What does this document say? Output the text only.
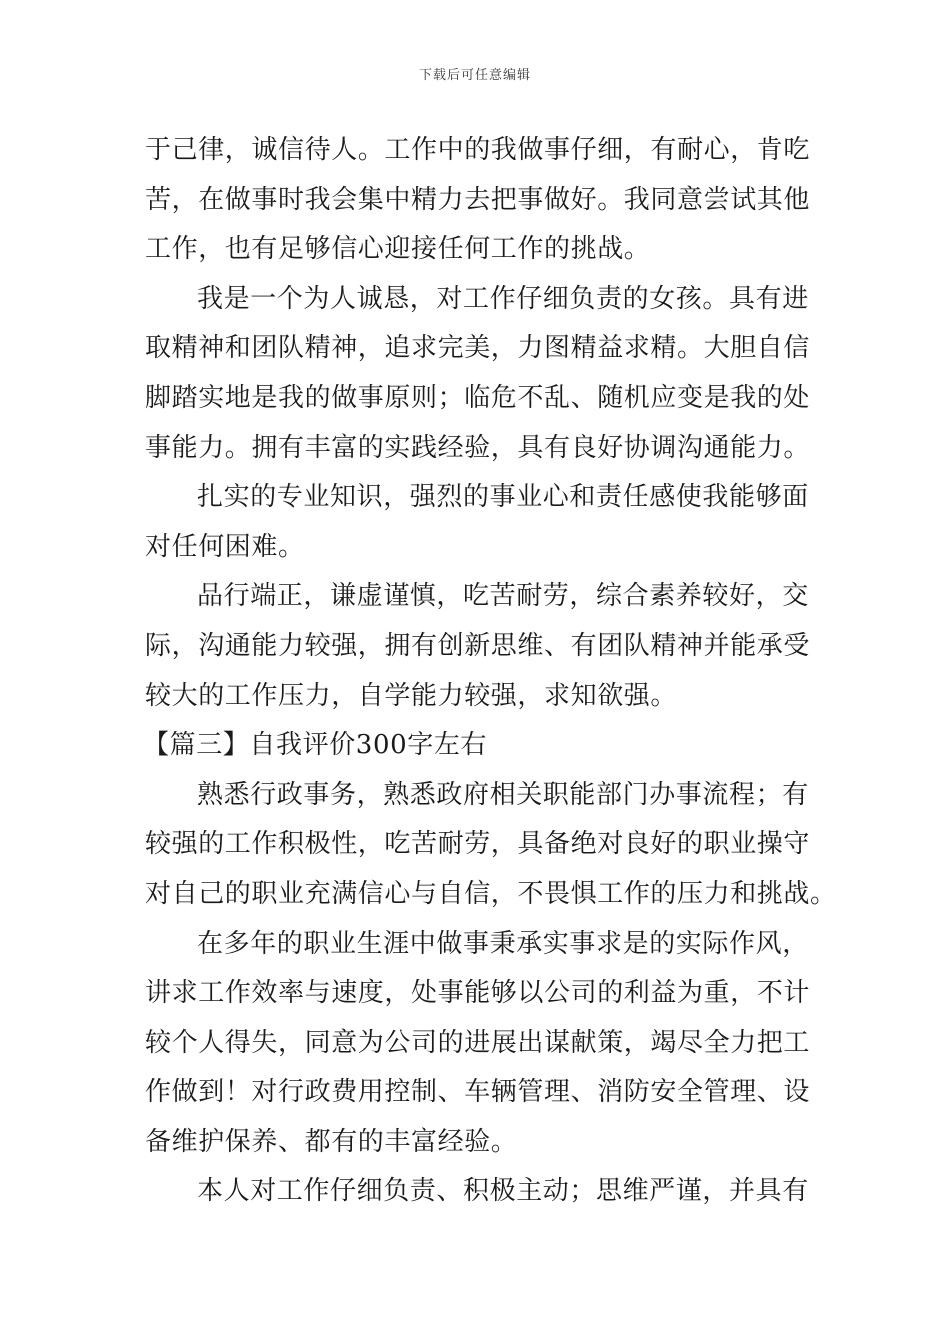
下载后可任意编辑
于己律，诚信待人。工作中的我做事仔细，有耐心，肯吃
苦，在做事时我会集中精力去把事做好。我同意尝试其他
工作，也有足够信心迎接任何工作的挑战。
我是一个为人诚恳，对工作仔细负责的女孩。具有进
取精神和团队精神，追求完美，力图精益求精。大胆自信
脚踏实地是我的做事原则；临危不乱、随机应变是我的处
事能力。拥有丰富的实践经验，具有良好协调沟通能力。
扎实的专业知识，强烈的事业心和责任感使我能够面
对任何困难。
品行端正，谦虚谨慎，吃苦耐劳，综合素养较好，交
际，沟通能力较强，拥有创新思维、有团队精神并能承受
较大的工作压力，自学能力较强，求知欲强。
【篇三】自我评价300字左右
熟悉行政事务，熟悉政府相关职能部门办事流程；有
较强的工作积极性，吃苦耐劳，具备绝对良好的职业操守
对自己的职业充满信心与自信，不畏惧工作的压力和挑战。
在多年的职业生涯中做事秉承实事求是的实际作风，
讲求工作效率与速度，处事能够以公司的利益为重，不计
较个人得失，同意为公司的进展出谋献策，竭尽全力把工
作做到！对行政费用控制、车辆管理、消防安全管理、设
备维护保养、都有的丰富经验。
本人对工作仔细负责、积极主动；思维严谨，并具有
